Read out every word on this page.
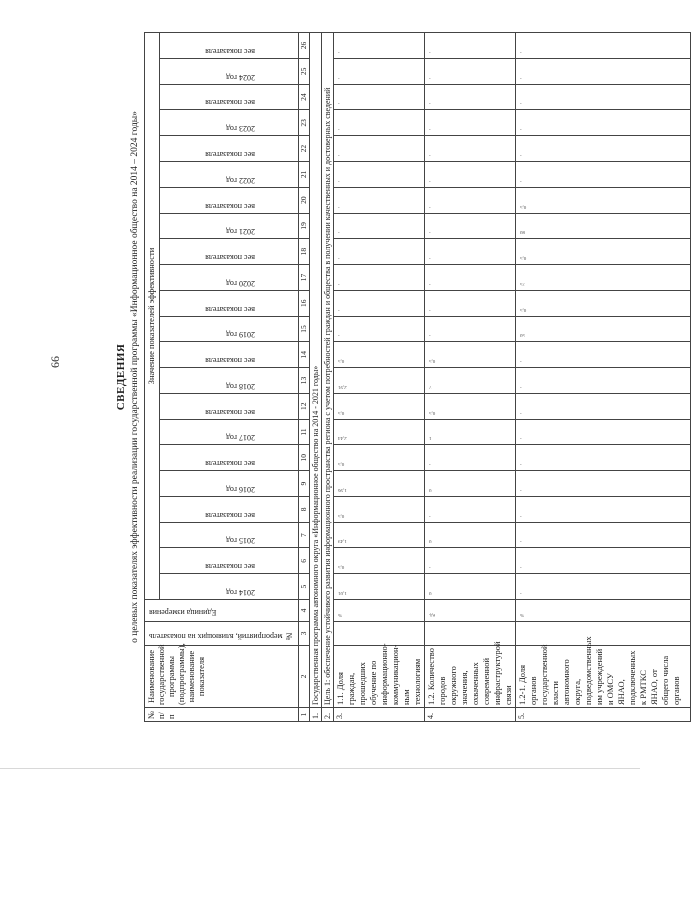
66	СВЕДЕНИЯ о целевых показателях эффективности реализации государственной программы «Информационное общество на 2014 – 2024 годы»
№ п/п	Наименование государственной программы (подпрограммы), наименование показателя	№ мероприятий, влияющих на показатель	Единица измерения	Значение показателей эффективности																					

				2014 год	вес показателя	2015 год	вес показателя	2016 год	вес показателя	2017 год	вес показателя	2018 год	вес показателя	2019 год	вес показателя	2020 год	вес показателя	2021 год	вес показателя	2022 год	вес показателя	2023 год	вес показателя	2024 год	вес показателя

1	2	3	4	5	6	7	8	9	10	11	12	13	14	15	16	17	18	19	20	21	22	23	24	25	26
1.	Государственная программа автономного округа «Информационное общество на 2014 - 2021 годы»																								
2.	Цель 1: обеспечение устойчивого развития информационного пространства региона с учетом потребностей граждан и общества в получении качественных и достоверных сведений																								
3.	1.1. Доля граждан, прошедших обучение по информационно-коммуникацион-ным технологиям		%	1,01	0,5	1,49	0,5	1,96	0,5	2,44	0,5	2,91	0,5	-	-	-	-	-	-	-	-	-	-	-	-

4.	1.2. Количество городов окружного значения, охваченных современной инфраструктурой связи		ед.	0	-	0	-	0	-	1	0,5	7	0,5	-	-	-	-	-	-	-	-	-	-	-	-

5.	1.2-1. Доля органов государственной власти автономного округа, подведомственных им учреждений и ОМСУ ЯНАО, подключенных к РМТКС ЯНАО, от общего числа органов		%	-	-	-	-	-	-	-	-	-	-	50	0,5	75	0,5	80	0,5	-	-	-	-	-	-
